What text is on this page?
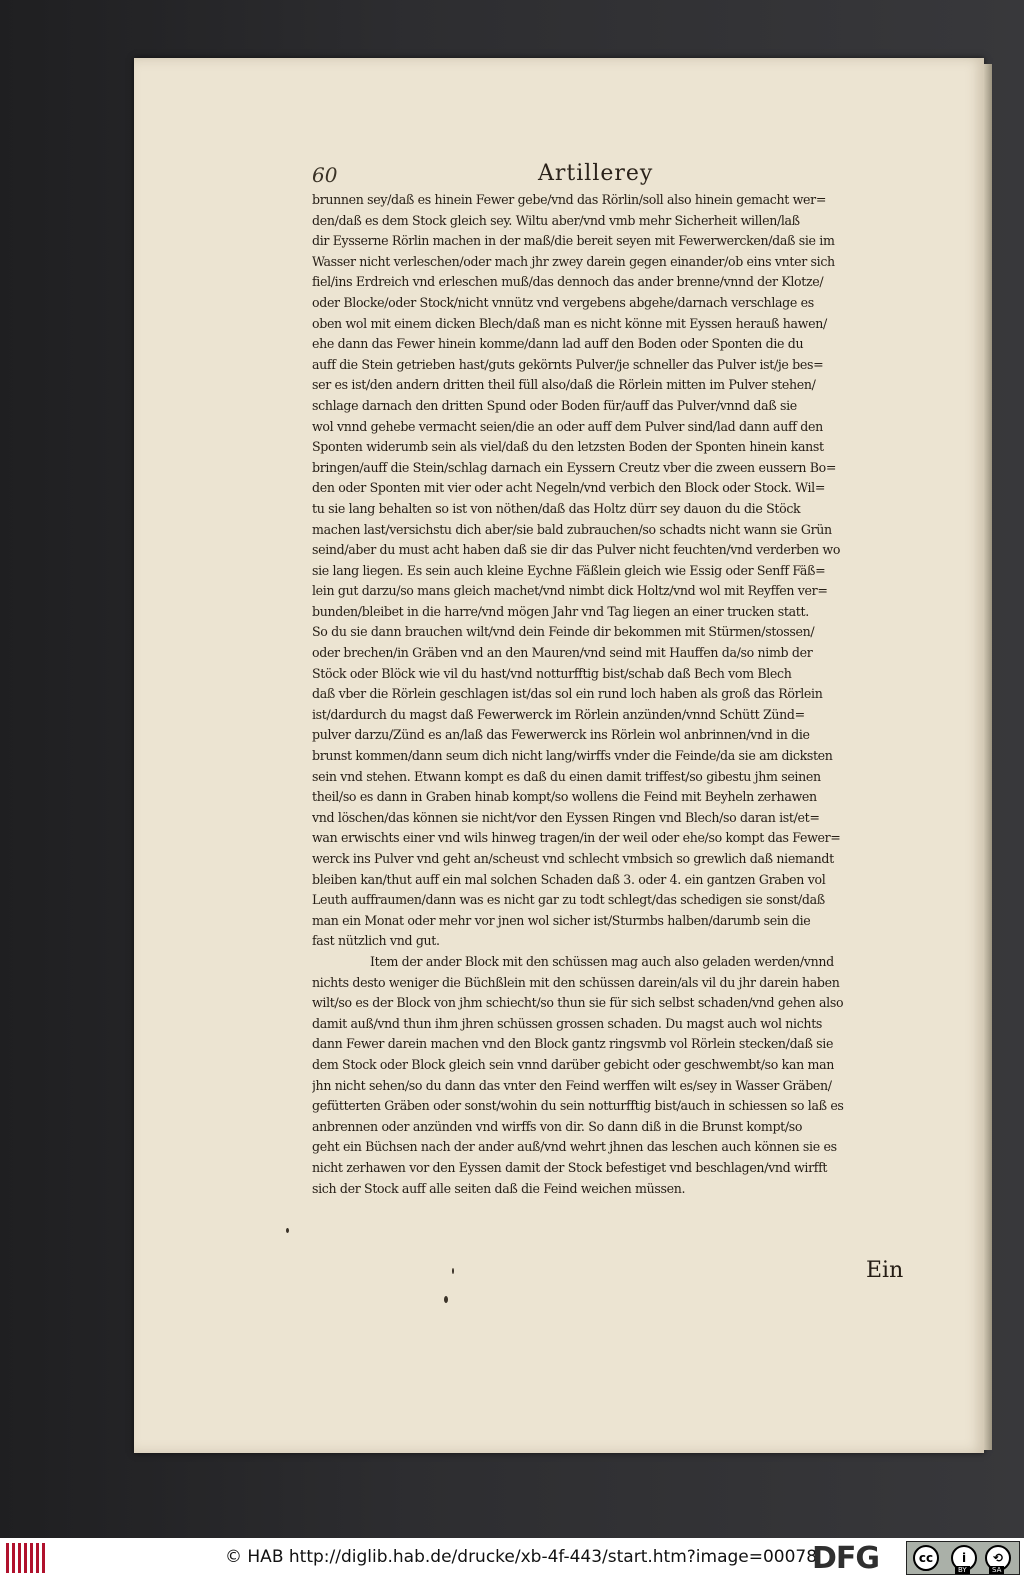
60	Artillerey
brunnen sey/daß es hinein Fewer gebe/vnd das Rörlin/soll also hinein gemacht wer=
den/daß es dem Stock gleich sey. Wiltu aber/vnd vmb mehr Sicherheit willen/laß
dir Eysserne Rörlin machen in der maß/die bereit seyen mit Fewerwercken/daß sie im
Wasser nicht verleschen/oder mach jhr zwey darein gegen einander/ob eins vnter sich
fiel/ins Erdreich vnd erleschen muß/das dennoch das ander brenne/vnnd der Klotze/
oder Blocke/oder Stock/nicht vnnütz vnd vergebens abgehe/darnach verschlage es
oben wol mit einem dicken Blech/daß man es nicht könne mit Eyssen herauß hawen/
ehe dann das Fewer hinein komme/dann lad auff den Boden oder Sponten die du
auff die Stein getrieben hast/guts gekörnts Pulver/je schneller das Pulver ist/je bes=
ser es ist/den andern dritten theil füll also/daß die Rörlein mitten im Pulver stehen/
schlage darnach den dritten Spund oder Boden für/auff das Pulver/vnnd daß sie
wol vnnd gehebe vermacht seien/die an oder auff dem Pulver sind/lad dann auff den
Sponten widerumb sein als viel/daß du den letzsten Boden der Sponten hinein kanst
bringen/auff die Stein/schlag darnach ein Eyssern Creutz vber die zween eussern Bo=
den oder Sponten mit vier oder acht Negeln/vnd verbich den Block oder Stock. Wil=
tu sie lang behalten so ist von nöthen/daß das Holtz dürr sey dauon du die Stöck
machen last/versichstu dich aber/sie bald zubrauchen/so schadts nicht wann sie Grün
seind/aber du must acht haben daß sie dir das Pulver nicht feuchten/vnd verderben wo
sie lang liegen. Es sein auch kleine Eychne Fäßlein gleich wie Essig oder Senff Fäß=
lein gut darzu/so mans gleich machet/vnd nimbt dick Holtz/vnd wol mit Reyffen ver=
bunden/bleibet in die harre/vnd mögen Jahr vnd Tag liegen an einer trucken statt.
So du sie dann brauchen wilt/vnd dein Feinde dir bekommen mit Stürmen/stossen/
oder brechen/in Gräben vnd an den Mauren/vnd seind mit Hauffen da/so nimb der
Stöck oder Blöck wie vil du hast/vnd notturfftig bist/schab daß Bech vom Blech
daß vber die Rörlein geschlagen ist/das sol ein rund loch haben als groß das Rörlein
ist/dardurch du magst daß Fewerwerck im Rörlein anzünden/vnnd Schütt Zünd=
pulver darzu/Zünd es an/laß das Fewerwerck ins Rörlein wol anbrinnen/vnd in die
brunst kommen/dann seum dich nicht lang/wirffs vnder die Feinde/da sie am dicksten
sein vnd stehen. Etwann kompt es daß du einen damit triffest/so gibestu jhm seinen
theil/so es dann in Graben hinab kompt/so wollens die Feind mit Beyheln zerhawen
vnd löschen/das können sie nicht/vor den Eyssen Ringen vnd Blech/so daran ist/et=
wan erwischts einer vnd wils hinweg tragen/in der weil oder ehe/so kompt das Fewer=
werck ins Pulver vnd geht an/scheust vnd schlecht vmbsich so grewlich daß niemandt
bleiben kan/thut auff ein mal solchen Schaden daß 3. oder 4. ein gantzen Graben vol
Leuth auffraumen/dann was es nicht gar zu todt schlegt/das schedigen sie sonst/daß
man ein Monat oder mehr vor jnen wol sicher ist/Sturmbs halben/darumb sein die
fast nützlich vnd gut.
Item der ander Block mit den schüssen mag auch also geladen werden/vnnd
nichts desto weniger die Büchßlein mit den schüssen darein/als vil du jhr darein haben
wilt/so es der Block von jhm schiecht/so thun sie für sich selbst schaden/vnd gehen also
damit auß/vnd thun ihm jhren schüssen grossen schaden. Du magst auch wol nichts
dann Fewer darein machen vnd den Block gantz ringsvmb vol Rörlein stecken/daß sie
dem Stock oder Block gleich sein vnnd darüber gebicht oder geschwembt/so kan man
jhn nicht sehen/so du dann das vnter den Feind werffen wilt es/sey in Wasser Gräben/
gefütterten Gräben oder sonst/wohin du sein notturfftig bist/auch in schiessen so laß es
anbrennen oder anzünden vnd wirffs von dir. So dann diß in die Brunst kompt/so
geht ein Büchsen nach der ander auß/vnd wehrt jhnen das leschen auch können sie es
nicht zerhawen vor den Eyssen damit der Stock befestiget vnd beschlagen/vnd wirfft
sich der Stock auff alle seiten daß die Feind weichen müssen.
Ein
© HAB http://diglib.hab.de/drucke/xb-4f-443/start.htm?image=00078
DFG	cc	i	⟲
BY	SA
